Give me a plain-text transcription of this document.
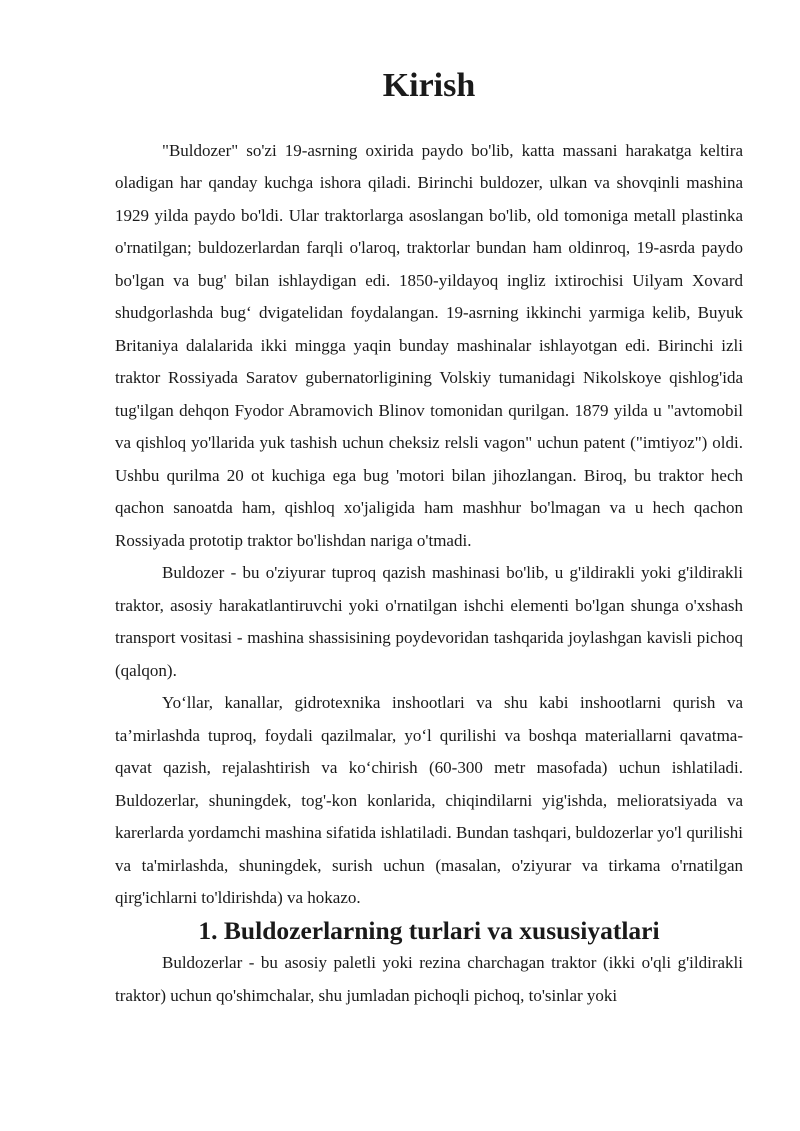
Kirish

"Buldozer" so'zi 19-asrning oxirida paydo bo'lib, katta massani harakatga keltira oladigan har qanday kuchga ishora qiladi. Birinchi buldozer, ulkan va shovqinli mashina 1929 yilda paydo bo'ldi. Ular traktorlarga asoslangan bo'lib, old tomoniga metall plastinka o'rnatilgan; buldozerlardan farqli o'laroq, traktorlar bundan ham oldinroq, 19-asrda paydo bo'lgan va bug' bilan ishlaydigan edi. 1850-yildayoq ingliz ixtirochisi Uilyam Xovard shudgorlashda bug‘ dvigatelidan foydalangan. 19-asrning ikkinchi yarmiga kelib, Buyuk Britaniya dalalarida ikki mingga yaqin bunday mashinalar ishlayotgan edi. Birinchi izli traktor Rossiyada Saratov gubernatorligining Volskiy tumanidagi Nikolskoye qishlog'ida tug'ilgan dehqon Fyodor Abramovich Blinov tomonidan qurilgan. 1879 yilda u "avtomobil va qishloq yo'llarida yuk tashish uchun cheksiz relsli vagon" uchun patent ("imtiyoz") oldi. Ushbu qurilma 20 ot kuchiga ega bug 'motori bilan jihozlangan. Biroq, bu traktor hech qachon sanoatda ham, qishloq xo'jaligida ham mashhur bo'lmagan va u hech qachon Rossiyada prototip traktor bo'lishdan nariga o'tmadi.

Buldozer - bu o'ziyurar tuproq qazish mashinasi bo'lib, u g'ildirakli yoki g'ildirakli traktor, asosiy harakatlantiruvchi yoki o'rnatilgan ishchi elementi bo'lgan shunga o'xshash transport vositasi - mashina shassisining poydevoridan tashqarida joylashgan kavisli pichoq (qalqon).

Yo‘llar, kanallar, gidrotexnika inshootlari va shu kabi inshootlarni qurish va ta’mirlashda tuproq, foydali qazilmalar, yo‘l qurilishi va boshqa materiallarni qavatma-qavat qazish, rejalashtirish va ko‘chirish (60-300 metr masofada) uchun ishlatiladi. Buldozerlar, shuningdek, tog'-kon konlarida, chiqindilarni yig'ishda, melioratsiyada va karerlarda yordamchi mashina sifatida ishlatiladi. Bundan tashqari, buldozerlar yo'l qurilishi va ta'mirlashda, shuningdek, surish uchun (masalan, o'ziyurar va tirkama o'rnatilgan qirg'ichlarni to'ldirishda) va hokazo.

1. Buldozerlarning turlari va xususiyatlari

Buldozerlar - bu asosiy paletli yoki rezina charchagan traktor (ikki o'qli g'ildirakli traktor) uchun qo'shimchalar, shu jumladan pichoqli pichoq, to'sinlar yoki
